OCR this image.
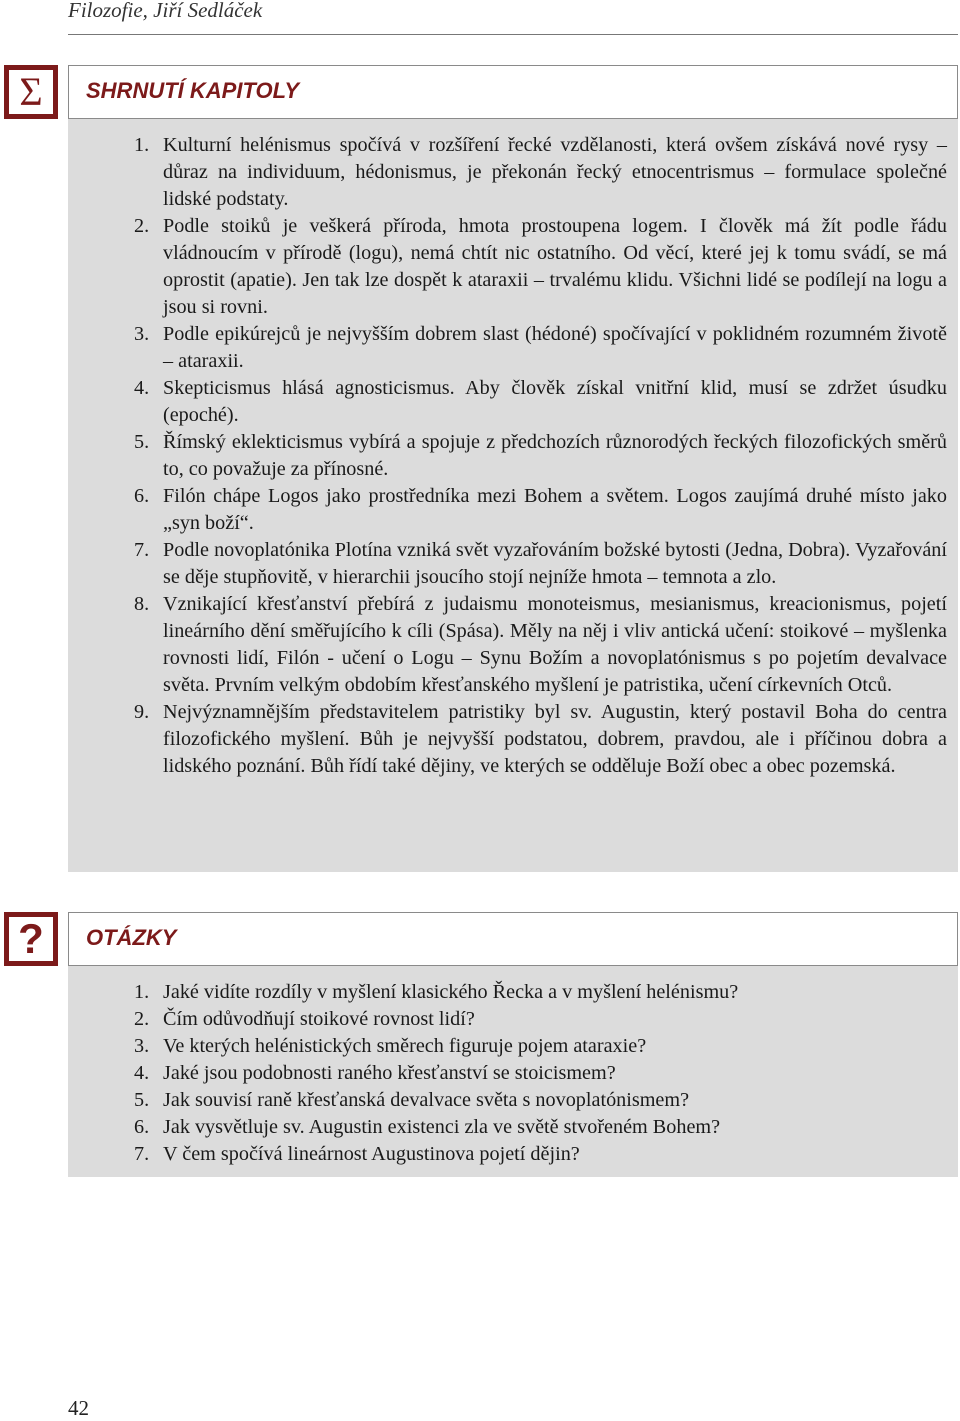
Filozofie, Jiří Sedláček
Σ	SHRNUTÍ KAPITOLY
1. Kulturní helénismus spočívá v rozšíření řecké vzdělanosti, která ovšem získává nové rysy – důraz na individuum, hédonismus, je překonán řecký etnocentrismus – formulace společné lidské podstaty.
2. Podle stoiků je veškerá příroda, hmota prostoupena logem. I člověk má žít podle řádu vládnoucím v přírodě (logu), nemá chtít nic ostatního. Od věcí, které jej k tomu svádí, se má oprostit (apatie). Jen tak lze dospět k ataraxii – trvalému klidu. Všichni lidé se podílejí na logu a jsou si rovni.
3. Podle epikúrejců je nejvyšším dobrem slast (hédoné) spočívající v poklidném rozumném životě – ataraxii.
4. Skepticismus hlásá agnosticismus. Aby člověk získal vnitřní klid, musí se zdržet úsudku (epoché).
5. Římský eklekticismus vybírá a spojuje z předchozích různorodých řeckých filozofických směrů to, co považuje za přínosné.
6. Filón chápe Logos jako prostředníka mezi Bohem a světem. Logos zaujímá druhé místo jako „syn boží“.
7. Podle novoplatónika Plotína vzniká svět vyzařováním božské bytosti (Jedna, Dobra). Vyzařování se děje stupňovitě, v hierarchii jsoucího stojí nejníže hmota – temnota a zlo.
8. Vznikající křesťanství přebírá z judaismu monoteismus, mesianismus, kreacionismus, pojetí lineárního dění směřujícího k cíli (Spása). Měly na něj i vliv antická učení: stoikové – myšlenka rovnosti lidí, Filón - učení o Logu – Synu Božím a novoplatónismus s po pojetím devalvace světa. Prvním velkým obdobím křesťanského myšlení je patristika, učení církevních Otců.
9. Nejvýznamnějším představitelem patristiky byl sv. Augustin, který postavil Boha do centra filozofického myšlení. Bůh je nejvyšší podstatou, dobrem, pravdou, ale i příčinou dobra a lidského poznání. Bůh řídí také dějiny, ve kterých se odděluje Boží obec a obec pozemská.
?	OTÁZKY
1. Jaké vidíte rozdíly v myšlení klasického Řecka a v myšlení helénismu?
2. Čím odůvodňují stoikové rovnost lidí?
3. Ve kterých helénistických směrech figuruje pojem ataraxie?
4. Jaké jsou podobnosti raného křesťanství se stoicismem?
5. Jak souvisí raně křesťanská devalvace světa s novoplatónismem?
6. Jak vysvětluje sv. Augustin existenci zla ve světě stvořeném Bohem?
7. V čem spočívá lineárnost Augustinova pojetí dějin?
42
